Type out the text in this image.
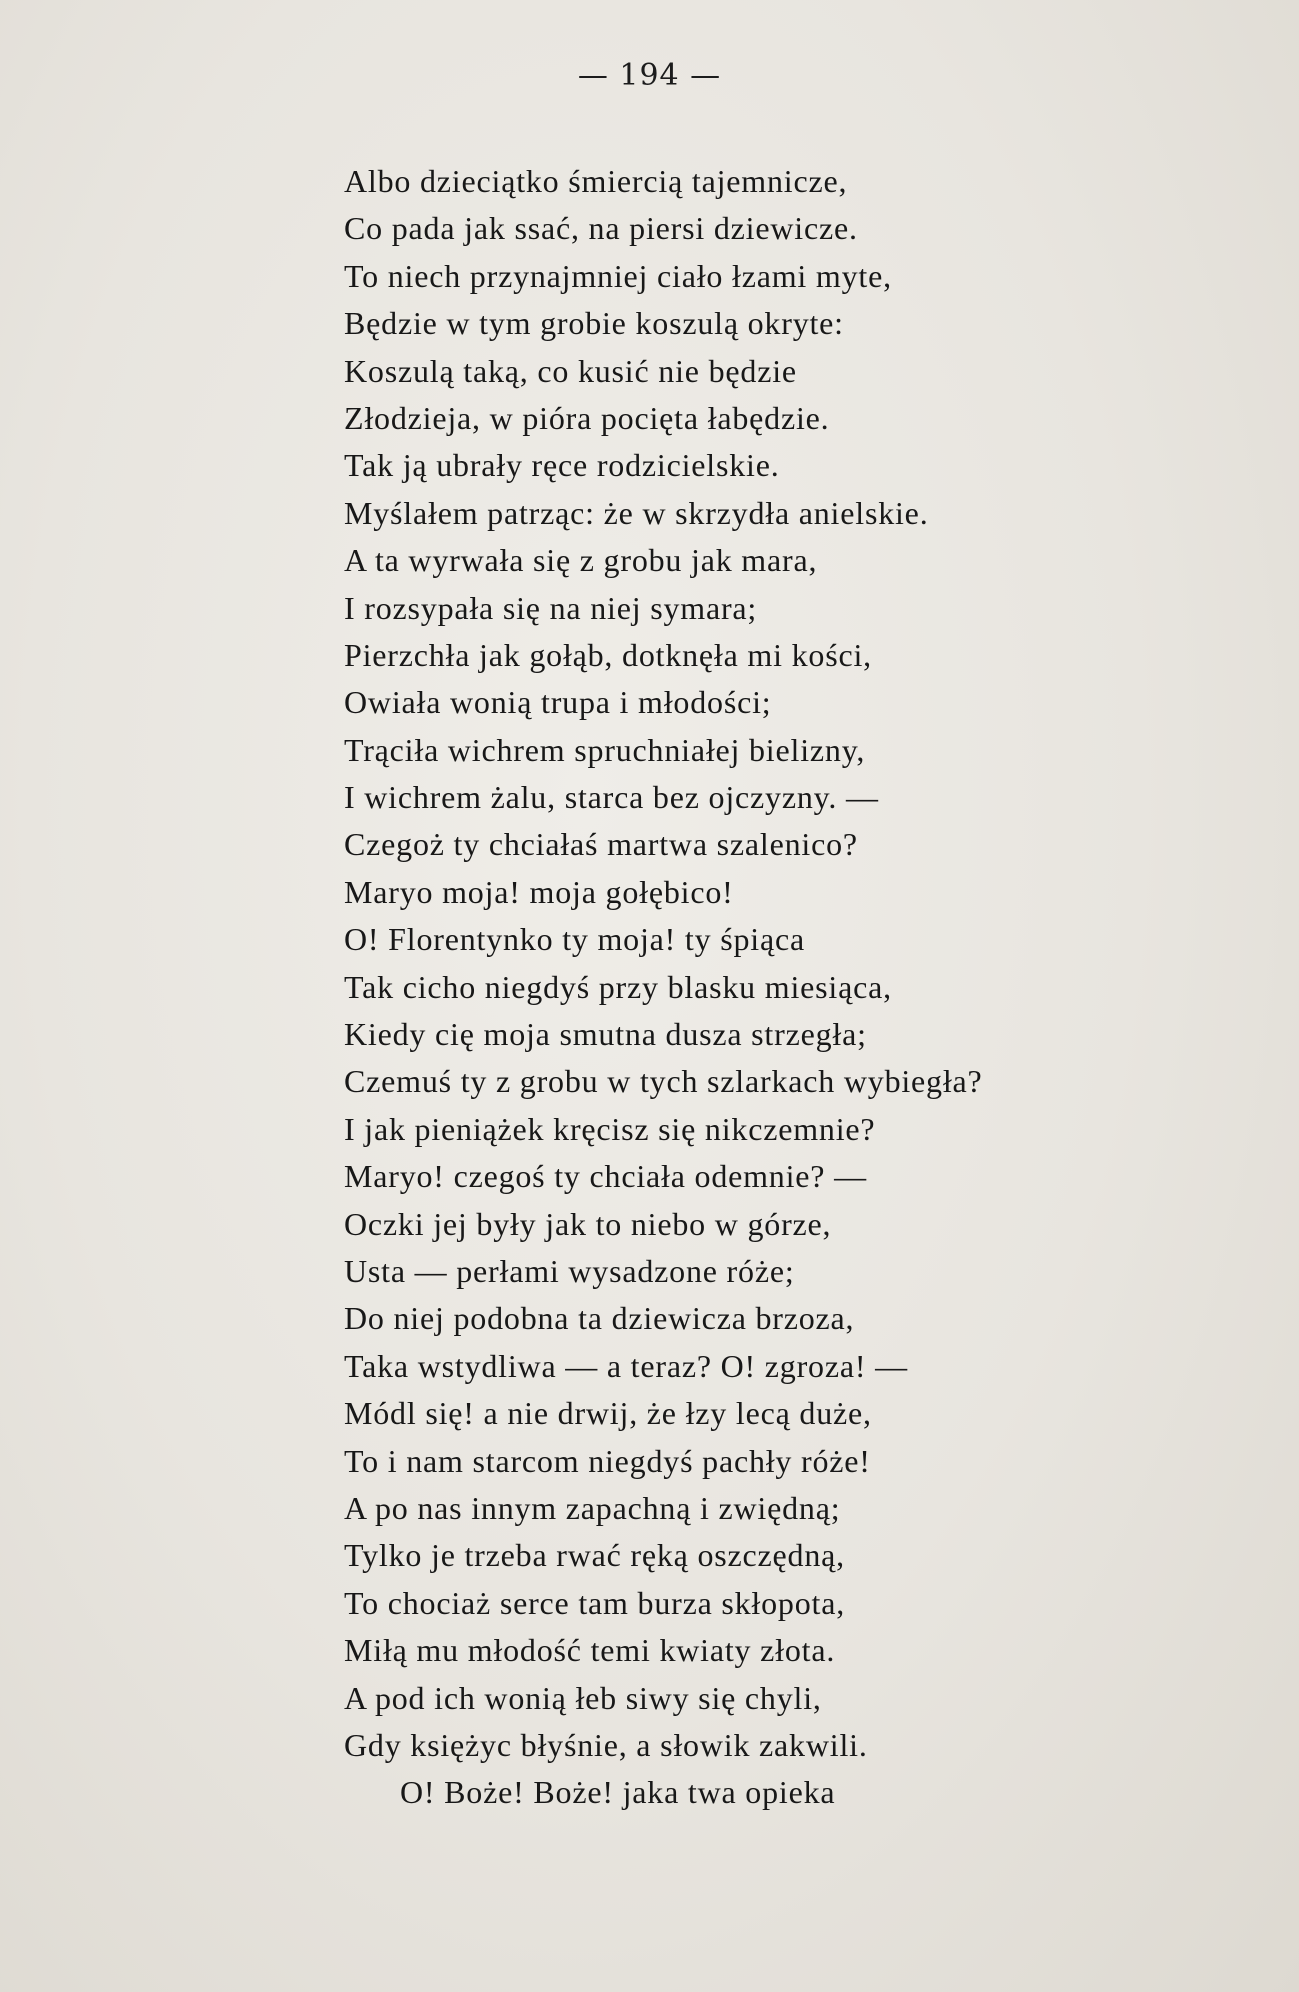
— 194 —
Albo dzieciątko śmiercią tajemnicze,
Co pada jak ssać, na piersi dziewicze.
To niech przynajmniej ciało łzami myte,
Będzie w tym grobie koszulą okryte:
Koszulą taką, co kusić nie będzie
Złodzieja, w pióra pocięta łabędzie.
Tak ją ubrały ręce rodzicielskie.
Myślałem patrząc: że w skrzydła anielskie.
A ta wyrwała się z grobu jak mara,
I rozsypała się na niej symara;
Pierzchła jak gołąb, dotknęła mi kości,
Owiała wonią trupa i młodości;
Trąciła wichrem spruchniałej bielizny,
I wichrem żalu, starca bez ojczyzny. —
Czegoż ty chciałaś martwa szalenico?
Maryo moja! moja gołębico!
O! Florentynko ty moja! ty śpiąca
Tak cicho niegdyś przy blasku miesiąca,
Kiedy cię moja smutna dusza strzegła;
Czemuś ty z grobu w tych szlarkach wybiegła?
I jak pieniążek kręcisz się nikczemnie?
Maryo! czegoś ty chciała odemnie? —
Oczki jej były jak to niebo w górze,
Usta — perłami wysadzone róże;
Do niej podobna ta dziewicza brzoza,
Taka wstydliwa — a teraz? O! zgroza! —
Módl się! a nie drwij, że łzy lecą duże,
To i nam starcom niegdyś pachły róże!
A po nas innym zapachną i zwiędną;
Tylko je trzeba rwać ręką oszczędną,
To chociaż serce tam burza skłopota,
Miłą mu młodość temi kwiaty złota.
A pod ich wonią łeb siwy się chyli,
Gdy księżyc błyśnie, a słowik zakwili.
O! Boże! Boże! jaka twa opieka
